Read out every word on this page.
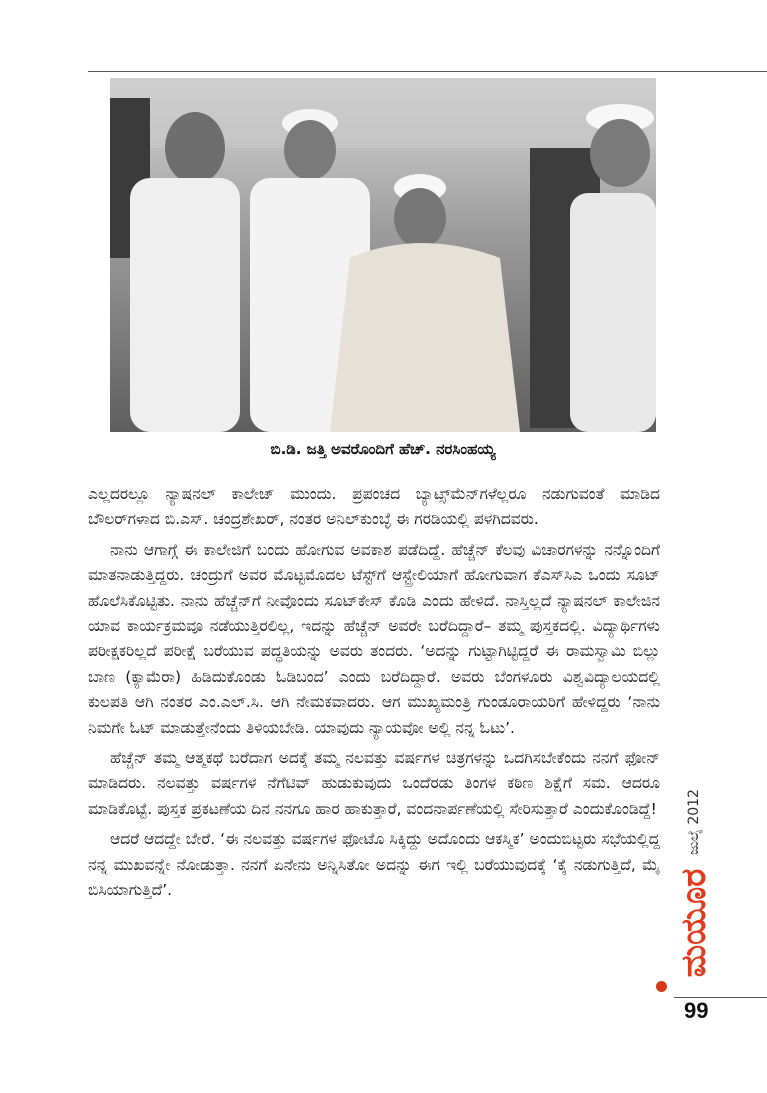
ಬಿ.ಡಿ. ಜತ್ತಿ ಅವರೊಂದಿಗೆ ಹೆಚ್. ನರಸಿಂಹಯ್ಯ

ಎಲ್ಲದರಲ್ಲೂ ನ್ಯಾಷನಲ್ ಕಾಲೇಜ್ ಮುಂದು. ಪ್ರಪಂಚದ ಬ್ಯಾಟ್ಸ್‌ಮೆನ್‌ಗಳೆಲ್ಲರೂ ನಡುಗುವಂತೆ ಮಾಡಿದ ಬೌಲರ್‌ಗಳಾದ ಬಿ.ಎಸ್. ಚಂದ್ರಶೇಖರ್, ನಂತರ ಅನಿಲ್‌ಕುಂಬ್ಳೆ ಈ ಗರಡಿಯಲ್ಲಿ ಪಳಗಿದವರು.

ನಾನು ಆಗಾಗ್ಗೆ ಈ ಕಾಲೇಜಿಗೆ ಬಂದು ಹೋಗುವ ಅವಕಾಶ ಪಡೆದಿದ್ದೆ. ಹೆಚ್ಚೆನ್ ಕೆಲವು ವಿಚಾರಗಳನ್ನು ನನ್ನೊಂದಿಗೆ ಮಾತನಾಡುತ್ತಿದ್ದರು. ಚಂದ್ರುಗೆ ಅವರ ಮೊಟ್ಟಮೊದಲ ಟೆಸ್ಟ್‌ಗೆ ಆಸ್ಟ್ರೇಲಿಯಾಗೆ ಹೋಗುವಾಗ ಕೆಎಸ್‌ಸಿಎ ಒಂದು ಸೂಟ್ ಹೊಲೆಸಿಕೊಟ್ಟಿತು. ನಾನು ಹೆಚ್ಚೆನ್‌ಗೆ ನೀವೊಂದು ಸೂಟ್‌ಕೇಸ್ ಕೊಡಿ ಎಂದು ಹೇಳಿದೆ. ನಾಸ್ತಿಲ್ಲದೆ ನ್ಯಾಷನಲ್ ಕಾಲೇಜಿನ ಯಾವ ಕಾರ್ಯಕ್ರಮವೂ ನಡೆಯುತ್ತಿರಲಿಲ್ಲ, ಇದನ್ನು ಹೆಚ್ಚೆನ್ ಅವರೇ ಬರೆದಿದ್ದಾರೆ– ತಮ್ಮ ಪುಸ್ತಕದಲ್ಲಿ. ವಿದ್ಯಾರ್ಥಿಗಳು ಪರೀಕ್ಷಕರಿಲ್ಲದೆ ಪರೀಕ್ಷೆ ಬರೆಯುವ ಪದ್ಧತಿಯನ್ನು ಅವರು ತಂದರು. ‘ಅದನ್ನು ಗುಟ್ಟಾಗಿಟ್ಟಿದ್ದರೆ ಈ ರಾಮಸ್ವಾಮಿ ಬಿಲ್ಲು ಬಾಣ (ಕ್ಯಾಮೆರಾ) ಹಿಡಿದುಕೊಂಡು ಓಡಿಬಂದ’ ಎಂದು ಬರೆದಿದ್ದಾರೆ. ಅವರು ಬೆಂಗಳೂರು ವಿಶ್ವವಿದ್ಯಾಲಯದಲ್ಲಿ ಕುಲಪತಿ ಆಗಿ ನಂತರ ಎಂ.ಎಲ್.ಸಿ. ಆಗಿ ನೇಮಕವಾದರು. ಆಗ ಮುಖ್ಯಮಂತ್ರಿ ಗುಂಡೂರಾಯರಿಗೆ ಹೇಳಿದ್ದರು ‘ನಾನು ನಿಮಗೇ ಓಟ್ ಮಾಡುತ್ತೇನೆಂದು ತಿಳಿಯಬೇಡಿ. ಯಾವುದು ನ್ಯಾಯವೋ ಅಲ್ಲಿ ನನ್ನ ಓಟು’.

ಹೆಚ್ಚೆನ್ ತಮ್ಮ ಆತ್ಮಕಥೆ ಬರೆದಾಗ ಅದಕ್ಕೆ ತಮ್ಮ ನಲವತ್ತು ವರ್ಷಗಳ ಚಿತ್ರಗಳನ್ನು ಒದಗಿಸಬೇಕೆಂದು ನನಗೆ ಫೋನ್ ಮಾಡಿದರು. ನಲವತ್ತು ವರ್ಷಗಳ ನೆಗೆಟಿವ್ ಹುಡುಕುವುದು ಒಂದೆರಡು ತಿಂಗಳ ಕಠಿಣ ಶಿಕ್ಷೆಗೆ ಸಮ. ಆದರೂ ಮಾಡಿಕೊಟ್ಟೆ. ಪುಸ್ತಕ ಪ್ರಕಟಣೆಯ ದಿನ ನನಗೂ ಹಾರ ಹಾಕುತ್ತಾರೆ, ವಂದನಾರ್ಪಣೆಯಲ್ಲಿ ಸೇರಿಸುತ್ತಾರೆ ಎಂದುಕೊಂಡಿದ್ದೆ!

ಆದರೆ ಆದದ್ದೇ ಬೇರೆ. ‘ಈ ನಲವತ್ತು ವರ್ಷಗಳ ಫೋಟೊ ಸಿಕ್ಕಿದ್ದು ಅದೊಂದು ಆಕಸ್ಮಿಕ’ ಅಂದುಬಿಟ್ಟರು ಸಭೆಯಲ್ಲಿದ್ದ ನನ್ನ ಮುಖವನ್ನೇ ನೋಡುತ್ತಾ. ನನಗೆ ಏನೇನು ಅನ್ನಿಸಿತೋ ಅದನ್ನು ಈಗ ಇಲ್ಲಿ ಬರೆಯುವುದಕ್ಕೆ ‘ಕೈ ನಡುಗುತ್ತಿದೆ, ಮೈ ಬಿಸಿಯಾಗುತ್ತಿದೆ’.

ಜುಲೈ 2012
ಮಯೂರ
99
